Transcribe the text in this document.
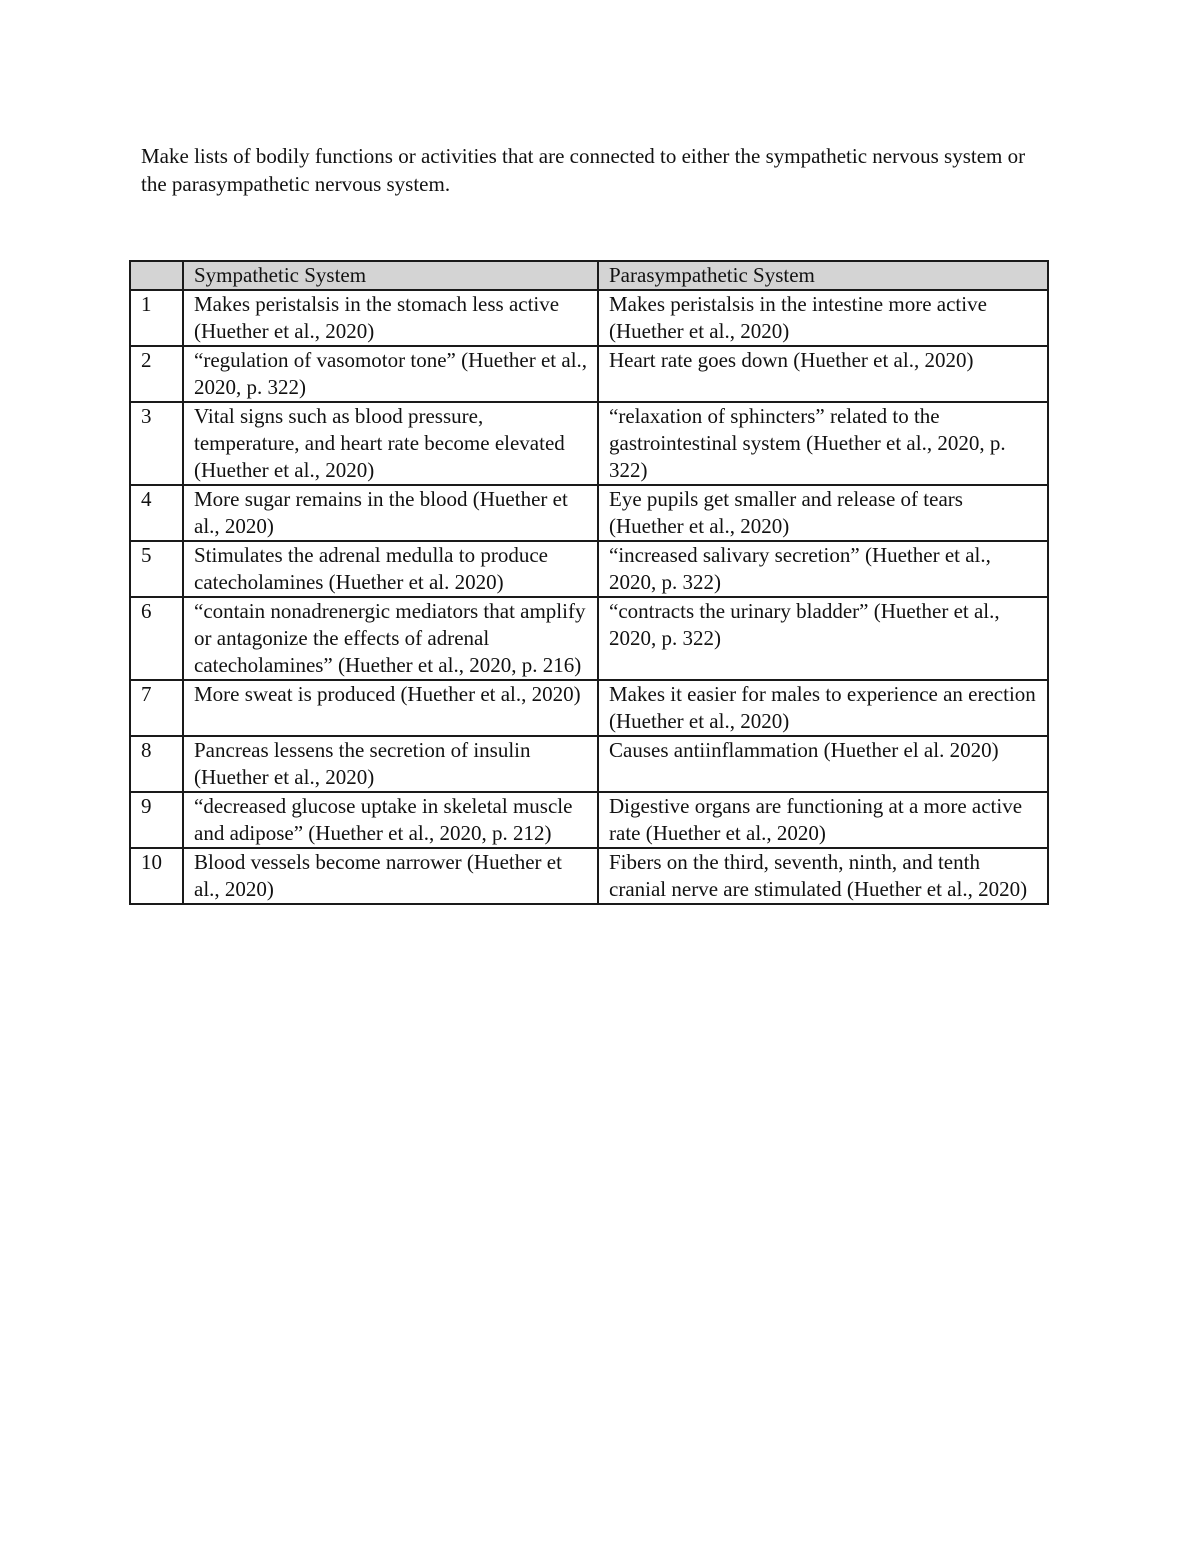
Make lists of bodily functions or activities that are connected to either the sympathetic nervous system or the parasympathetic nervous system.

	Sympathetic System	Parasympathetic System
1	Makes peristalsis in the stomach less active (Huether et al., 2020)	Makes peristalsis in the intestine more active (Huether et al., 2020)
2	“regulation of vasomotor tone” (Huether et al., 2020, p. 322)	Heart rate goes down (Huether et al., 2020)
3	Vital signs such as blood pressure, temperature, and heart rate become elevated (Huether et al., 2020)	“relaxation of sphincters” related to the gastrointestinal system (Huether et al., 2020, p. 322)
4	More sugar remains in the blood (Huether et al., 2020)	Eye pupils get smaller and release of tears (Huether et al., 2020)
5	Stimulates the adrenal medulla to produce catecholamines (Huether et al. 2020)	“increased salivary secretion” (Huether et al., 2020, p. 322)
6	“contain nonadrenergic mediators that amplify or antagonize the effects of adrenal catecholamines” (Huether et al., 2020, p. 216)	“contracts the urinary bladder” (Huether et al., 2020, p. 322)
7	More sweat is produced (Huether et al., 2020)	Makes it easier for males to experience an erection (Huether et al., 2020)
8	Pancreas lessens the secretion of insulin (Huether et al., 2020)	Causes antiinflammation (Huether el al. 2020)
9	“decreased glucose uptake in skeletal muscle and adipose” (Huether et al., 2020, p. 212)	Digestive organs are functioning at a more active rate (Huether et al., 2020)
10	Blood vessels become narrower (Huether et al., 2020)	Fibers on the third, seventh, ninth, and tenth cranial nerve are stimulated (Huether et al., 2020)
